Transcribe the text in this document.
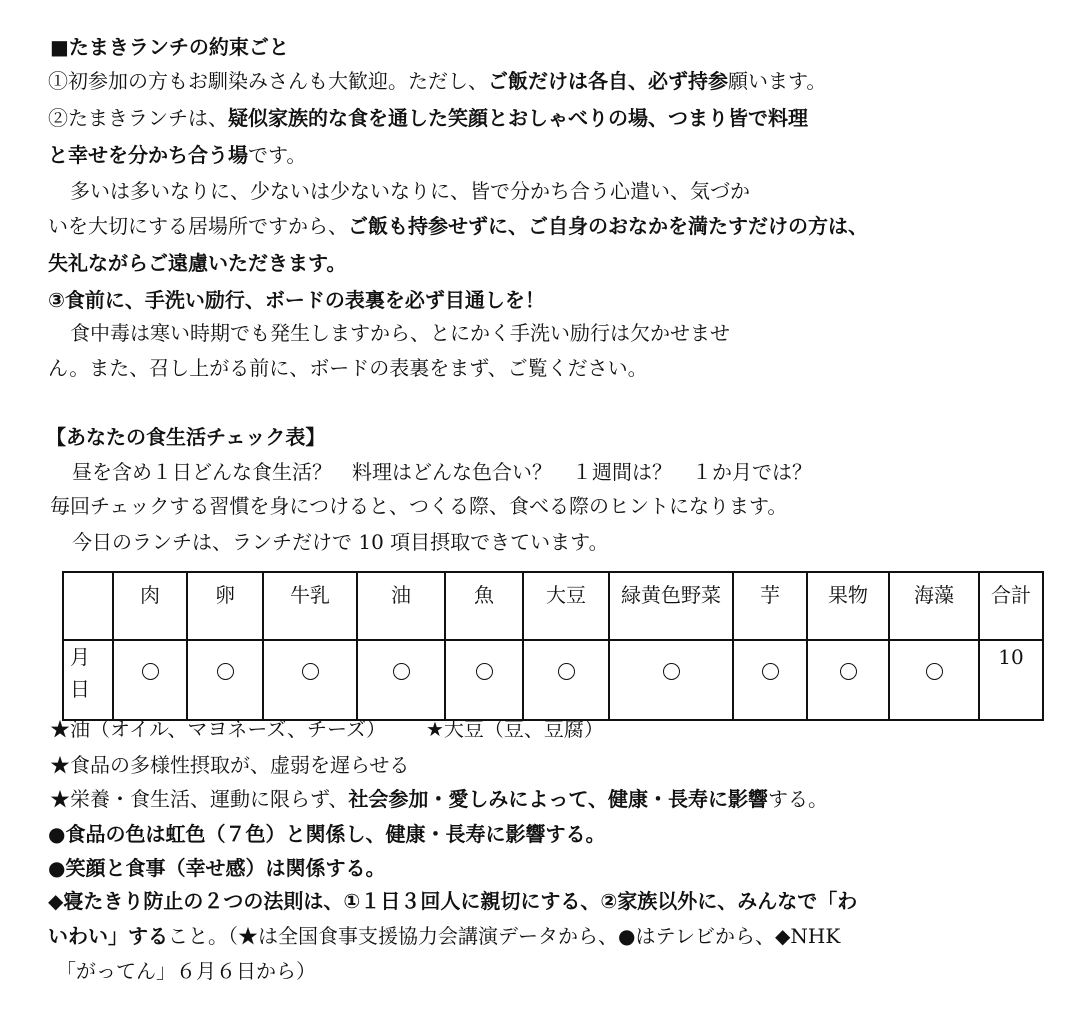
■たまきランチの約束ごと
①初参加の方もお馴染みさんも大歓迎。ただし、ご飯だけは各自、必ず持参願います。
②たまきランチは、疑似家族的な食を通した笑顔とおしゃべりの場、つまり皆で料理
と幸せを分かち合う場です。
多いは多いなりに、少ないは少ないなりに、皆で分かち合う心遣い、気づか
いを大切にする居場所ですから、ご飯も持参せずに、ご自身のおなかを満たすだけの方は、
失礼ながらご遠慮いただきます。
③食前に、手洗い励行、ボードの表裏を必ず目通しを！
食中毒は寒い時期でも発生しますから、とにかく手洗い励行は欠かせませ
ん。また、召し上がる前に、ボードの表裏をまず、ご覧ください。
【あなたの食生活チェック表】
昼を含め１日どんな食生活？　料理はどんな色合い？　１週間は？　１か月では？
毎回チェックする習慣を身につけると、つくる際、食べる際のヒントになります。
今日のランチは、ランチだけで 10 項目摂取できています。
	肉	卵	牛乳	油	魚	大豆	緑黄色野菜	芋	果物	海藻	合計
月
日											10
★油（オイル、マヨネーズ、チーズ） ★大豆（豆、豆腐）
★食品の多様性摂取が、虚弱を遅らせる
★栄養・食生活、運動に限らず、社会参加・愛しみによって、健康・長寿に影響する。
●食品の色は虹色（７色）と関係し、健康・長寿に影響する。
●笑顔と食事（幸せ感）は関係する。
◆寝たきり防止の２つの法則は、①１日３回人に親切にする、②家族以外に、みんなで「わ
いわい」すること。（★は全国食事支援協力会講演データから、●はテレビから、◆NHK
「がってん」６月６日から）
